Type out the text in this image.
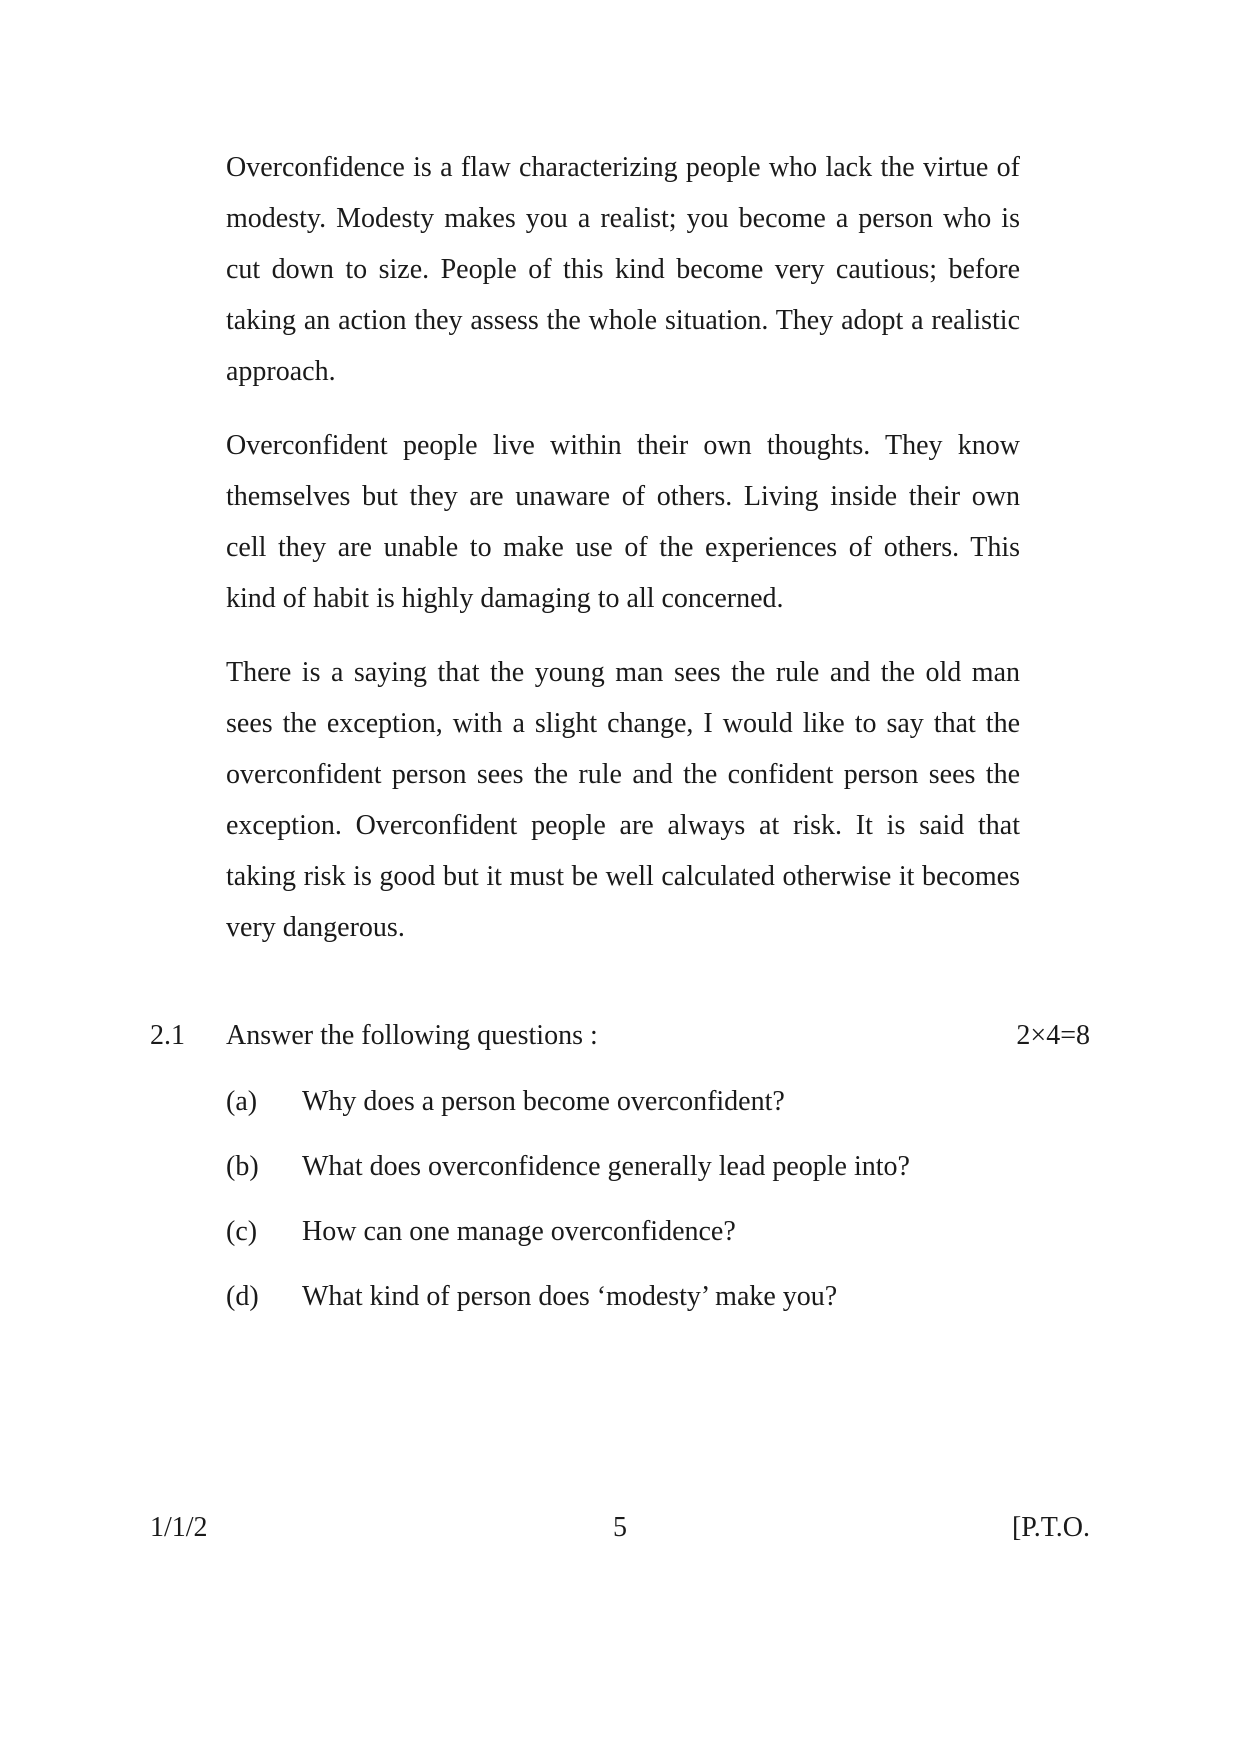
Overconfidence is a flaw characterizing people who lack the virtue of modesty. Modesty makes you a realist; you become a person who is cut down to size. People of this kind become very cautious; before taking an action they assess the whole situation. They adopt a realistic approach.

Overconfident people live within their own thoughts. They know themselves but they are unaware of others. Living inside their own cell they are unable to make use of the experiences of others. This kind of habit is highly damaging to all concerned.

There is a saying that the young man sees the rule and the old man sees the exception, with a slight change, I would like to say that the overconfident person sees the rule and the confident person sees the exception. Overconfident people are always at risk. It is said that taking risk is good but it must be well calculated otherwise it becomes very dangerous.

2.1 Answer the following questions :	2×4=8
(a) Why does a person become overconfident?
(b) What does overconfidence generally lead people into?
(c) How can one manage overconfidence?
(d) What kind of person does ‘modesty’ make you?
1/1/2	5	[P.T.O.
